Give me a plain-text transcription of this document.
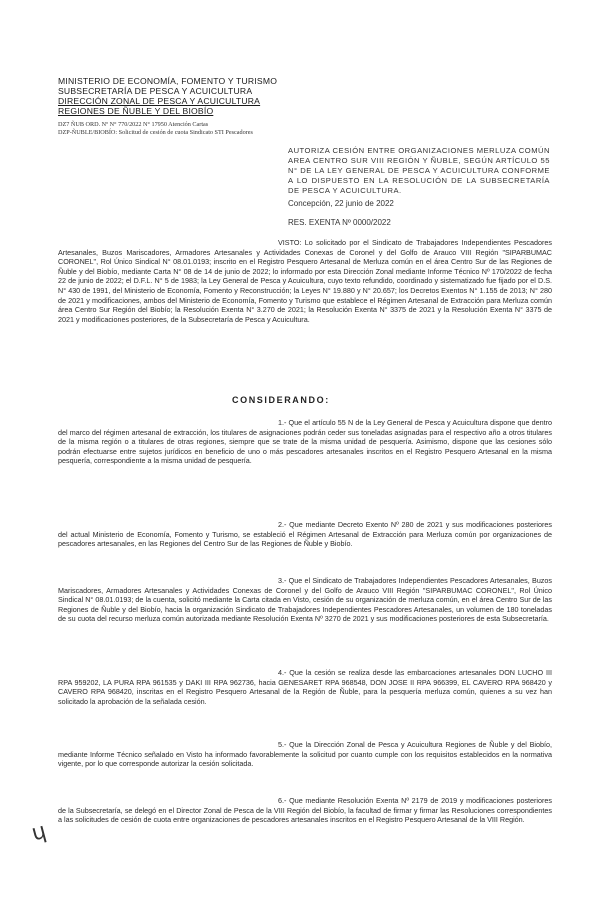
MINISTERIO DE ECONOMÍA, FOMENTO Y TURISMO
SUBSECRETARÍA DE PESCA Y ACUICULTURA
DIRECCIÓN ZONAL DE PESCA Y ACUICULTURA
REGIONES DE ÑUBLE Y DEL BIOBÍO
DZ7 ÑUB ORD. Nº N° 770/2022 N° 17950 Atención Cartas
DZP-ÑUBLE/BIOBÍO: Solicitud de cesión de cuota Sindicato STI Pescadores
AUTORIZA CESIÓN ENTRE ORGANIZACIONES MERLUZA COMÚN AREA CENTRO SUR VIII REGIÓN Y ÑUBLE, SEGÚN ARTÍCULO 55 N° DE LA LEY GENERAL DE PESCA Y ACUICULTURA CONFORME A LO DISPUESTO EN LA RESOLUCIÓN DE LA SUBSECRETARÍA DE PESCA Y ACUICULTURA.
Concepción, 22 junio de 2022
RES. EXENTA Nº 0000/2022
VISTO: Lo solicitado por el Sindicato de Trabajadores Independientes Pescadores Artesanales, Buzos Mariscadores, Armadores Artesanales y Actividades Conexas de Coronel y del Golfo de Arauco VIII Región "SIPARBUMAC CORONEL", Rol Único Sindical N° 08.01.0193; inscrito en el Registro Pesquero Artesanal de Merluza común en el área Centro Sur de las Regiones de Ñuble y del Biobío, mediante Carta N° 08 de 14 de junio de 2022; lo informado por esta Dirección Zonal mediante Informe Técnico Nº 170/2022 de fecha 22 de junio de 2022; el D.F.L. N° 5 de 1983; la Ley General de Pesca y Acuicultura, cuyo texto refundido, coordinado y sistematizado fue fijado por el D.S. N° 430 de 1991, del Ministerio de Economía, Fomento y Reconstrucción; la Leyes N° 19.880 y N° 20.657; los Decretos Exentos N° 1.155 de 2013; N° 280 de 2021 y modificaciones, ambos del Ministerio de Economía, Fomento y Turismo que establece el Régimen Artesanal de Extracción para Merluza común área Centro Sur Región del Biobío; la Resolución Exenta N° 3.270 de 2021; la Resolución Exenta N° 3375 de 2021 y la Resolución Exenta N° 3375 de 2021 y modificaciones posteriores, de la Subsecretaría de Pesca y Acuicultura.
CONSIDERANDO:
1.- Que el artículo 55 N de la Ley General de Pesca y Acuicultura dispone que dentro del marco del régimen artesanal de extracción, los titulares de asignaciones podrán ceder sus toneladas asignadas para el respectivo año a otros titulares de la misma región o a titulares de otras regiones, siempre que se trate de la misma unidad de pesquería. Asimismo, dispone que las cesiones sólo podrán efectuarse entre sujetos jurídicos en beneficio de uno o más pescadores artesanales inscritos en el Registro Pesquero Artesanal en la misma pesquería, correspondiente a la misma unidad de pesquería.
2.- Que mediante Decreto Exento Nº 280 de 2021 y sus modificaciones posteriores del actual Ministerio de Economía, Fomento y Turismo, se estableció el Régimen Artesanal de Extracción para Merluza común por organizaciones de pescadores artesanales, en las Regiones del Centro Sur de las Regiones de Ñuble y Biobío.
3.- Que el Sindicato de Trabajadores Independientes Pescadores Artesanales, Buzos Mariscadores, Armadores Artesanales y Actividades Conexas de Coronel y del Golfo de Arauco VIII Región "SIPARBUMAC CORONEL", Rol Único Sindical N° 08.01.0193; de la cuenta, solicitó mediante la Carta citada en Visto, cesión de su organización de merluza común, en el área Centro Sur de las Regiones de Ñuble y del Biobío, hacia la organización Sindicato de Trabajadores Independientes Pescadores Artesanales, un volumen de 180 toneladas de su cuota del recurso merluza común autorizada mediante Resolución Exenta Nº 3270 de 2021 y sus modificaciones posteriores de esta Subsecretaría.
4.- Que la cesión se realiza desde las embarcaciones artesanales DON LUCHO III RPA 959202, LA PURA RPA 961535 y DAKI III RPA 962736, hacia GENESARET RPA 968548, DON JOSE II RPA 966399, EL CAVERO RPA 968420 y CAVERO RPA 968420, inscritas en el Registro Pesquero Artesanal de la Región de Ñuble, para la pesquería merluza común, quienes a su vez han solicitado la aprobación de la señalada cesión.
5.- Que la Dirección Zonal de Pesca y Acuicultura Regiones de Ñuble y del Biobío, mediante Informe Técnico señalado en Visto ha informado favorablemente la solicitud por cuanto cumple con los requisitos establecidos en la normativa vigente, por lo que corresponde autorizar la cesión solicitada.
6.- Que mediante Resolución Exenta Nº 2179 de 2019 y modificaciones posteriores de la Subsecretaría, se delegó en el Director Zonal de Pesca de la VIII Región del Biobío, la facultad de firmar y firmar las Resoluciones correspondientes a las solicitudes de cesión de cuota entre organizaciones de pescadores artesanales inscritos en el Registro Pesquero Artesanal de la VIII Región.
ɥ
